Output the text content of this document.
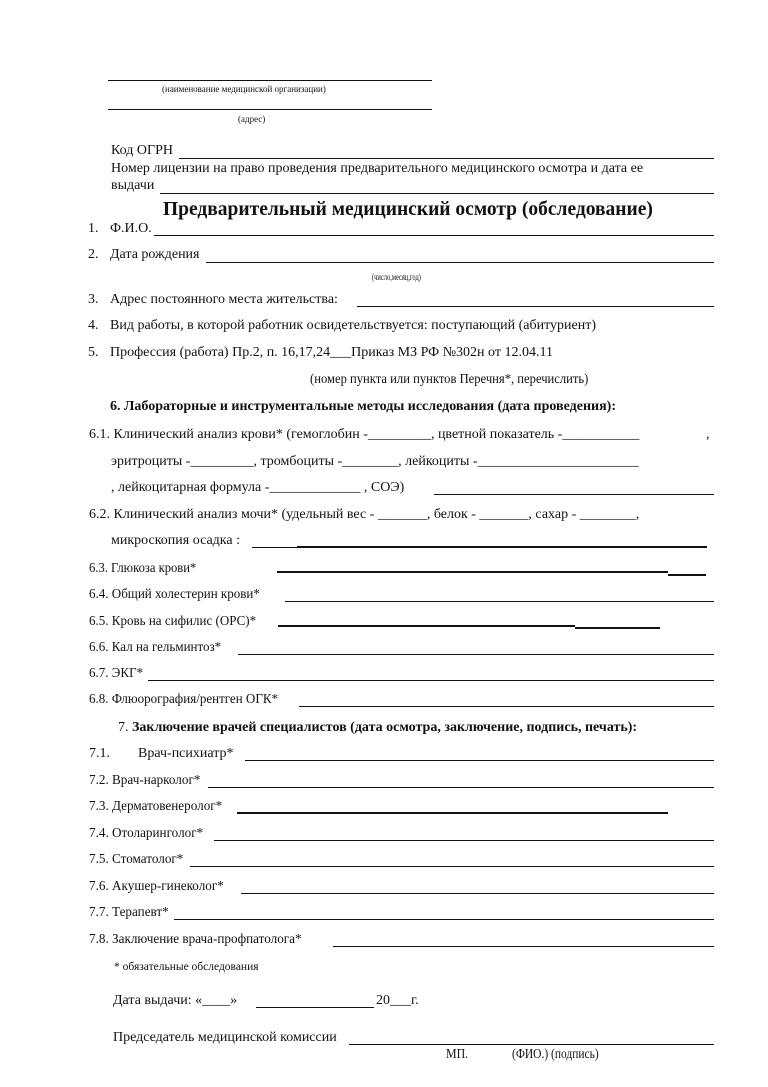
(наименование медицинской организации)
(адрес)
Код ОГРН
Номер лицензии на право проведения предварительного медицинского осмотра и дата ее
выдачи
Предварительный медицинский осмотр (обследование)
1. Ф.И.О.
2. Дата рождения
(число,месяц,год)
3. Адрес постоянного места жительства:
4. Вид работы, в которой работник освидетельствуется: поступающий (абитуриент)
5. Профессия (работа) Пр.2, п. 16,17,24___Приказ МЗ РФ №302н от 12.04.11
(номер пункта или пунктов Перечня*, перечислить)
6. Лабораторные и инструментальные методы исследования (дата проведения):
6.1. Клинический анализ крови* (гемоглобин -_________, цветной показатель -___________	,
эритроциты -_________, тромбоциты -________, лейкоциты -_______________________
, лейкоцитарная формула -_____________ , СОЭ)
6.2. Клинический анализ мочи* (удельный вес - _______, белок - _______, сахар - ________,
микроскопия осадка :
6.3. Глюкоза крови*
6.4. Общий холестерин крови*
6.5. Кровь на сифилис (ОРС)*
6.6. Кал на гельминтоз*
6.7. ЭКГ*
6.8. Флюорография/рентген ОГК*
7. Заключение врачей специалистов (дата осмотра, заключение, подпись, печать):
7.1. Врач-психиатр*
7.2. Врач-нарколог*
7.3. Дерматовенеролог*
7.4. Отоларинголог*
7.5. Стоматолог*
7.6. Акушер-гинеколог*
7.7. Терапевт*
7.8. Заключение врача-профпатолога*
* обязательные обследования
Дата выдачи: «____»	20___г.
Председатель медицинской комиссии
МП.	(ФИО.) (подпись)
